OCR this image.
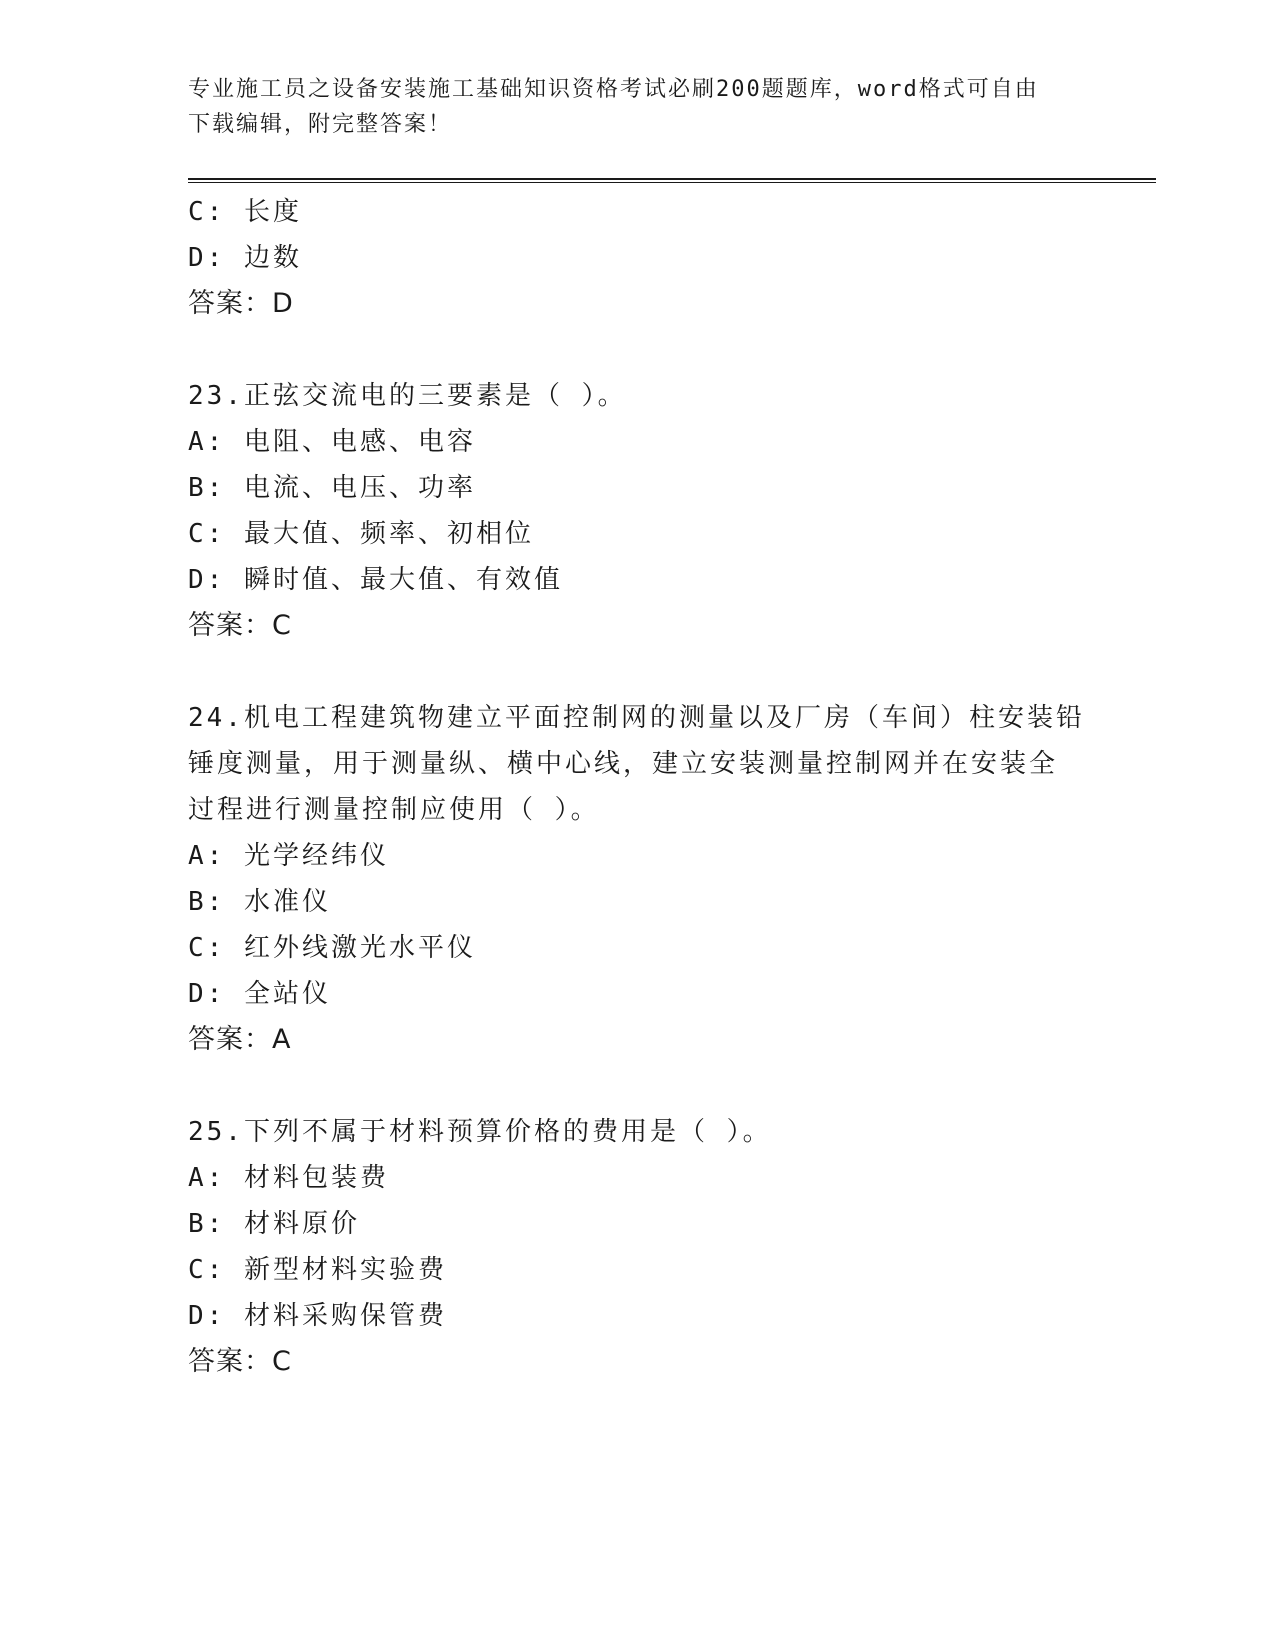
专业施工员之设备安装施工基础知识资格考试必刷200题题库，word格式可自由
下载编辑，附完整答案！
C: 长度
D: 边数
答案：D
23.正弦交流电的三要素是（ ）。
A: 电阻、电感、电容
B: 电流、电压、功率
C: 最大值、频率、初相位
D: 瞬时值、最大值、有效值
答案：C
24.机电工程建筑物建立平面控制网的测量以及厂房（车间）柱安装铅
锤度测量，用于测量纵、横中心线，建立安装测量控制网并在安装全
过程进行测量控制应使用（ ）。
A: 光学经纬仪
B: 水准仪
C: 红外线激光水平仪
D: 全站仪
答案：A
25.下列不属于材料预算价格的费用是（ ）。
A: 材料包装费
B: 材料原价
C: 新型材料实验费
D: 材料采购保管费
答案：C
